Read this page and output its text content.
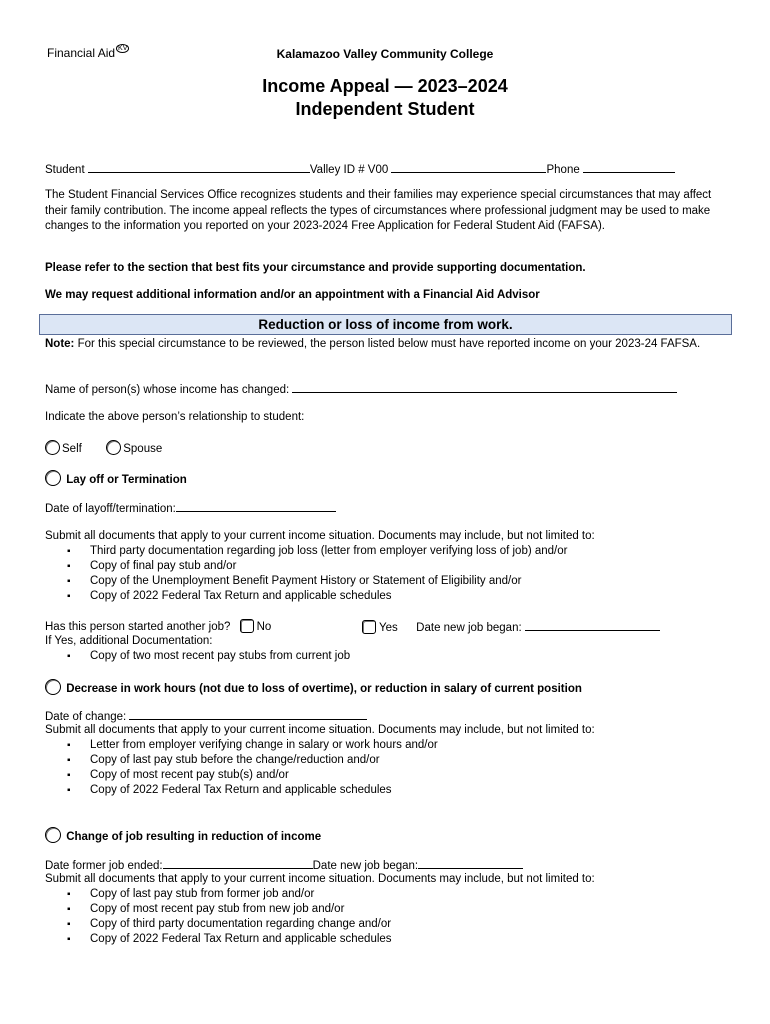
Financial Aid $^{KV}$	Kalamazoo Valley Community College
Income Appeal — 2023–2024
Independent Student
Student	Valley ID # V00	Phone
The Student Financial Services Office recognizes students and their families may experience special circumstances that may affect their family contribution. The income appeal reflects the types of circumstances where professional judgment may be used to make changes to the information you reported on your 2023-2024 Free Application for Federal Student Aid (FAFSA).
Please refer to the section that best fits your circumstance and provide supporting documentation.
We may request additional information and/or an appointment with a Financial Aid Advisor
Reduction or loss of income from work.
Note: For this special circumstance to be reviewed, the person listed below must have reported income on your 2023-24 FAFSA.
Name of person(s) whose income has changed:
Indicate the above person’s relationship to student:
Self	Spouse
Lay off or Termination
Date of layoff/termination:
Submit all documents that apply to your current income situation. Documents may include, but not limited to:
▪ Third party documentation regarding job loss (letter from employer verifying loss of job) and/or
▪ Copy of final pay stub and/or
▪ Copy of the Unemployment Benefit Payment History or Statement of Eligibility and/or
▪ Copy of 2022 Federal Tax Return and applicable schedules
Has this person started another job? No	Yes Date new job began:
If Yes, additional Documentation:
▪ Copy of two most recent pay stubs from current job
Decrease in work hours (not due to loss of overtime), or reduction in salary of current position
Date of change:
Submit all documents that apply to your current income situation. Documents may include, but not limited to:
▪ Letter from employer verifying change in salary or work hours and/or
▪ Copy of last pay stub before the change/reduction and/or
▪ Copy of most recent pay stub(s) and/or
▪ Copy of 2022 Federal Tax Return and applicable schedules
Change of job resulting in reduction of income
Date former job ended:	Date new job began:
Submit all documents that apply to your current income situation. Documents may include, but not limited to:
▪ Copy of last pay stub from former job and/or
▪ Copy of most recent pay stub from new job and/or
▪ Copy of third party documentation regarding change and/or
▪ Copy of 2022 Federal Tax Return and applicable schedules
